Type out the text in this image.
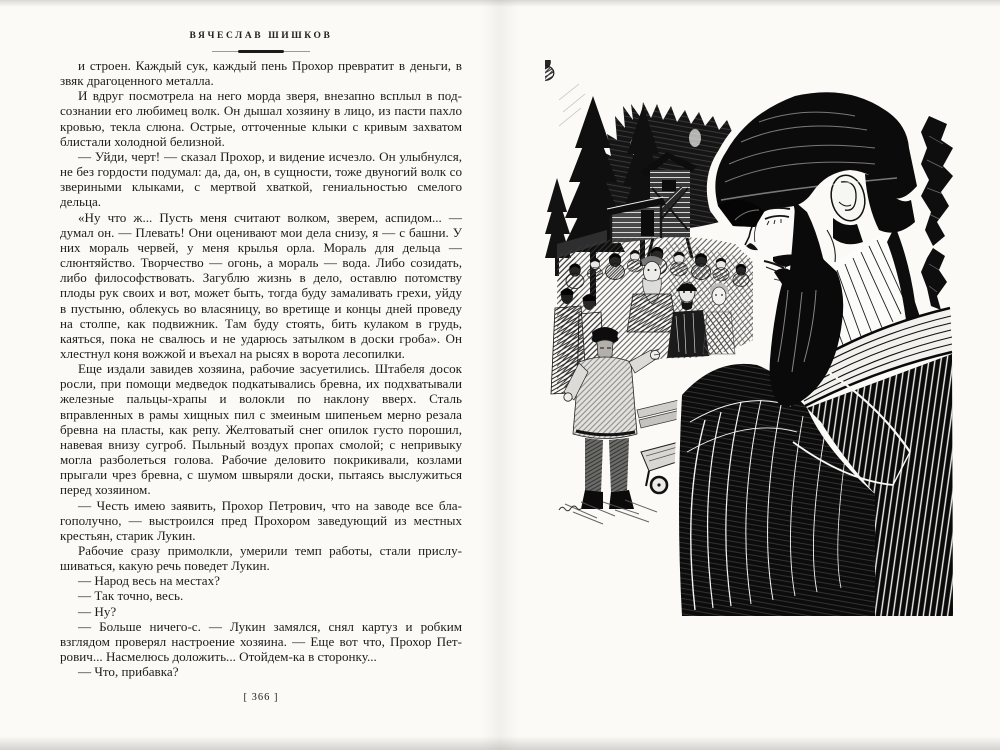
ВЯЧЕСЛАВ ШИШКОВ

и строен. Каждый сук, каждый пень Прохор превратит в деньги, в звяк драгоценного металла.

И вдруг посмотрела на него морда зверя, внезапно всплыл в подсознании его любимец волк. Он дышал хозяину в лицо, из пасти пахло кровью, текла слюна. Острые, отточенные клыки с кривым захватом блистали холодной белизной.

— Уйди, черт! — сказал Прохор, и видение исчезло. Он улыбнулся, не без гордости подумал: да, да, он, в сущности, тоже двуногий волк со звериными клыками, с мертвой хваткой, гениальностью смелого дельца.

«Ну что ж... Пусть меня считают волком, зверем, аспидом... — думал он. — Плевать! Они оценивают мои дела снизу, я — с башни. У них мораль червей, у меня крылья орла. Мораль для дельца — слюнтяйство. Творчество — огонь, а мораль — вода. Либо созидать, либо философствовать. Загублю жизнь в дело, оставлю потомству плоды рук своих и вот, может быть, тогда буду замаливать грехи, уйду в пустыню, облекусь во власяницу, во вретище и концы дней проведу на столпе, как подвижник. Там буду стоять, бить кулаком в грудь, каяться, пока не свалюсь и не ударюсь затылком в доски гроба». Он хлестнул коня вожжой и въехал на рысях в ворота лесопилки.

Еще издали завидев хозяина, рабочие засуетились. Штабеля досок росли, при помощи медведок подкатывались бревна, их подхватывали железные пальцы-храпы и волокли по наклону вверх. Сталь вправленных в рамы хищных пил с змеиным шипеньем мерно резала бревна на пласты, как репу. Желтоватый снег опилок густо порошил, навевая внизу сугроб. Пыльный воздух пропах смолой; с непривыку могла разболеться голова. Рабочие деловито покрикивали, козлами прыгали чрез бревна, с шумом швыряли доски, пытаясь выслужиться перед хозяином.

— Честь имею заявить, Прохор Петрович, что на заводе все благополучно, — выстроился пред Прохором заведующий из местных крестьян, старик Лукин.

Рабочие сразу примолкли, умерили темп работы, стали прислушиваться, какую речь поведет Лукин.

— Народ весь на местах?

— Так точно, весь.

— Ну?

— Больше ничего-с. — Лукин замялся, снял картуз и робким взглядом проверял настроение хозяина. — Еще вот что, Прохор Петрович... Насмелюсь доложить... Отойдем-ка в сторонку...

— Что, прибавка?

[ 366 ]
